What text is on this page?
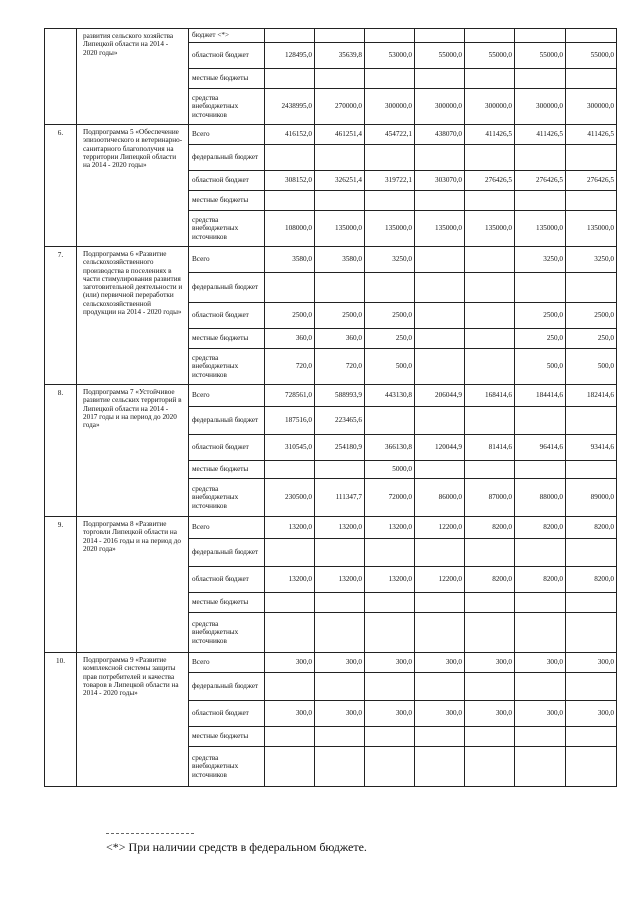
	развития сельского хозяйства Липецкой области на 2014 - 2020 годы»	бюджет <*>							
		областной бюджет	128495,0	35639,8	53000,0	55000,0	55000,0	55000,0	55000,0
		местные бюджеты							
		средства внебюджетных источников	2438995,0	270000,0	300000,0	300000,0	300000,0	300000,0	300000,0
6.	Подпрограмма 5 «Обеспечение эпизоотического и ветеринарно-санитарного благополучия на территории Липецкой области на 2014 - 2020 годы»	Всего	416152,0	461251,4	454722,1	438070,0	411426,5	411426,5	411426,5
		федеральный бюджет							
		областной бюджет	308152,0	326251,4	319722,1	303070,0	276426,5	276426,5	276426,5
		местные бюджеты							
		средства внебюджетных источников	108000,0	135000,0	135000,0	135000,0	135000,0	135000,0	135000,0
7.	Подпрограмма 6 «Развитие сельскохозяйственного производства в поселениях в части стимулирования развития заготовительной деятельности и (или) первичной переработки сельскохозяйственной продукции на 2014 - 2020 годы»	Всего	3580,0	3580,0	3250,0			3250,0	3250,0
		федеральный бюджет							
		областной бюджет	2500,0	2500,0	2500,0			2500,0	2500,0
		местные бюджеты	360,0	360,0	250,0			250,0	250,0
		средства внебюджетных источников	720,0	720,0	500,0			500,0	500,0
8.	Подпрограмма 7 «Устойчивое развитие сельских территорий в Липецкой области на 2014 - 2017 годы и на период до 2020 года»	Всего	728561,0	588993,9	443130,8	206044,9	168414,6	184414,6	182414,6
		федеральный бюджет	187516,0	223465,6					
		областной бюджет	310545,0	254180,9	366130,8	120044,9	81414,6	96414,6	93414,6
		местные бюджеты			5000,0				
		средства внебюджетных источников	230500,0	111347,7	72000,0	86000,0	87000,0	88000,0	89000,0
9.	Подпрограмма 8 «Развитие торговли Липецкой области на 2014 - 2016 годы и на период до 2020 года»	Всего	13200,0	13200,0	13200,0	12200,0	8200,0	8200,0	8200,0
		федеральный бюджет							
		областной бюджет	13200,0	13200,0	13200,0	12200,0	8200,0	8200,0	8200,0
		местные бюджеты							
		средства внебюджетных источников							
10.	Подпрограмма 9 «Развитие комплексной системы защиты прав потребителей и качества товаров в Липецкой области на 2014 - 2020 годы»	Всего	300,0	300,0	300,0	300,0	300,0	300,0	300,0
		федеральный бюджет							
		областной бюджет	300,0	300,0	300,0	300,0	300,0	300,0	300,0
		местные бюджеты							
		средства внебюджетных источников							
<*> При наличии средств в федеральном бюджете.
